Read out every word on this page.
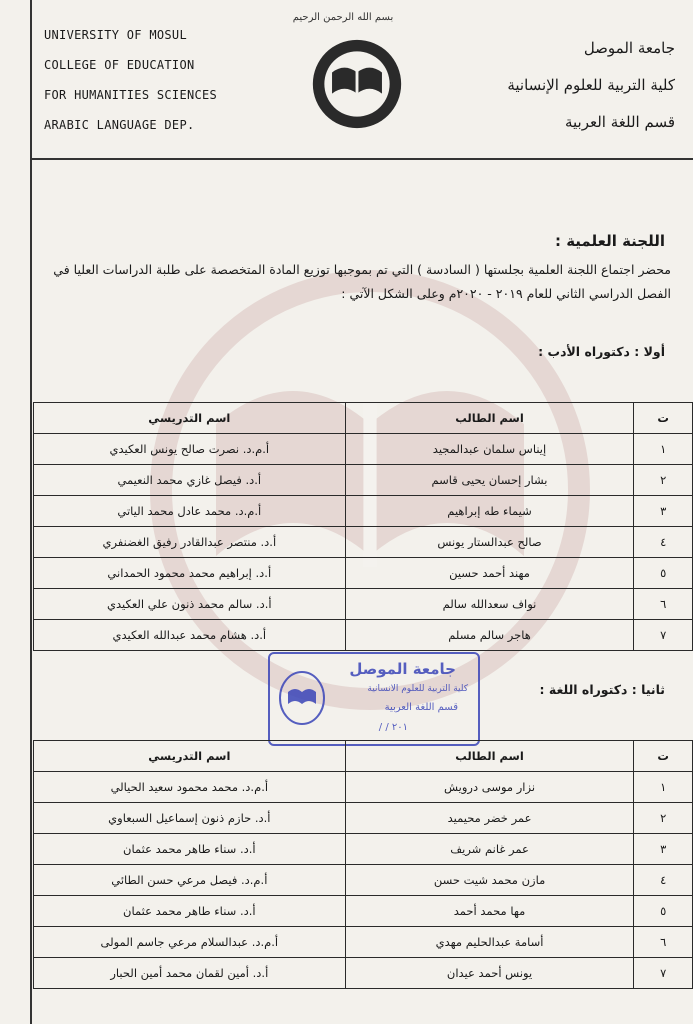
UNIVERSITY OF MOSUL
COLLEGE OF EDUCATION
FOR HUMANITIES SCIENCES
ARABIC LANGUAGE DEP.
بسم الله الرحمن الرحيم
جامعة الموصل
كلية التربية للعلوم الإنسانية
قسم اللغة العربية
اللجنة العلمية :
محضر اجتماع اللجنة العلمية بجلستها ( السادسة ) التي تم بموجبها توزيع المادة المتخصصة على طلبة الدراسات العليا في
الفصل الدراسي الثاني للعام ٢٠١٩ - ٢٠٢٠م وعلى الشكل الآتي :
أولا : دكتوراه الأدب :
ت	اسم الطالب	اسم التدريسي
١	إيناس سلمان عبدالمجيد	أ.م.د. نصرت صالح يونس العكيدي
٢	بشار إحسان يحيى قاسم	أ.د. فيصل غازي محمد النعيمي
٣	شيماء طه إبراهيم	أ.م.د. محمد عادل محمد الياتي
٤	صالح عبدالستار يونس	أ.د. منتصر عبدالقادر رفيق الغضنفري
٥	مهند أحمد حسين	أ.د. إبراهيم محمد محمود الحمداني
٦	نواف سعدالله سالم	أ.د. سالم محمد ذنون علي العكيدي
٧	هاجر سالم مسلم	أ.د. هشام محمد عبدالله العكيدي
جامعة الموصل
كلية التربية للعلوم الانسانية
قسم اللغة العربية
/ / ٢٠١
ثانيا : دكتوراه اللغة :
ت	اسم الطالب	اسم التدريسي
١	نزار موسى درويش	أ.م.د. محمد محمود سعيد الحيالي
٢	عمر خضر محيميد	أ.د. حازم ذنون إسماعيل السبعاوي
٣	عمر غانم شريف	أ.د. سناء طاهر محمد عثمان
٤	مازن محمد شيت حسن	أ.م.د. فيصل مرعي حسن الطائي
٥	مها محمد أحمد	أ.د. سناء طاهر محمد عثمان
٦	أسامة عبدالحليم مهدي	أ.م.د. عبدالسلام مرعي جاسم المولى
٧	يونس أحمد عيدان	أ.د. أمين لقمان محمد أمين الحبار
